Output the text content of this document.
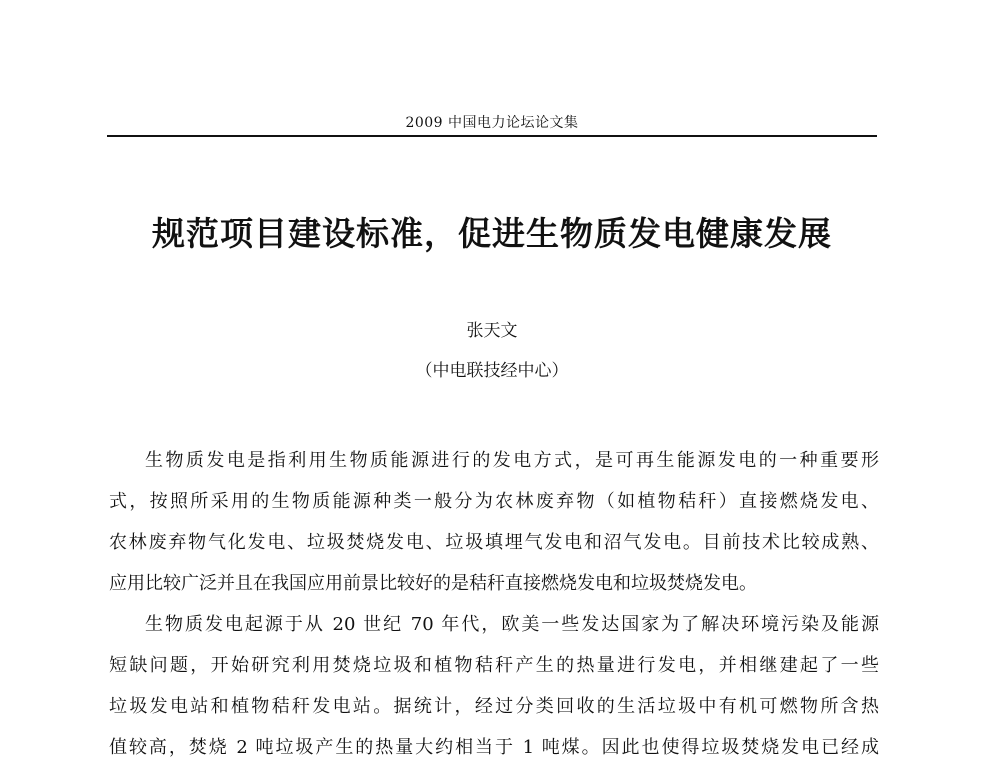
2009 中国电力论坛论文集
规范项目建设标准，促进生物质发电健康发展
张天文
（中电联技经中心）
生物质发电是指利用生物质能源进行的发电方式，是可再生能源发电的一种重要形
式，按照所采用的生物质能源种类一般分为农林废弃物（如植物秸秆）直接燃烧发电、
农林废弃物气化发电、垃圾焚烧发电、垃圾填埋气发电和沼气发电。目前技术比较成熟、
应用比较广泛并且在我国应用前景比较好的是秸秆直接燃烧发电和垃圾焚烧发电。
生物质发电起源于从 20 世纪 70 年代，欧美一些发达国家为了解决环境污染及能源
短缺问题，开始研究利用焚烧垃圾和植物秸秆产生的热量进行发电，并相继建起了一些
垃圾发电站和植物秸秆发电站。据统计，经过分类回收的生活垃圾中有机可燃物所含热
值较高，焚烧 2 吨垃圾产生的热量大约相当于 1 吨煤。因此也使得垃圾焚烧发电已经成
